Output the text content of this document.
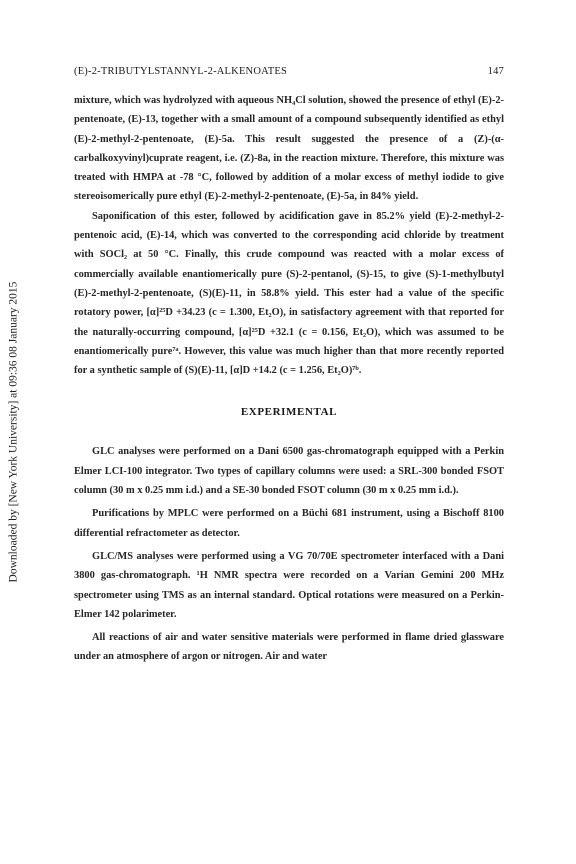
Downloaded by [New York University] at 09:36 08 January 2015
(E)-2-TRIBUTYLSTANNYL-2-ALKENOATES	147

mixture, which was hydrolyzed with aqueous NH₄Cl solution, showed the presence of ethyl (E)-2-pentenoate, (E)-13, together with a small amount of a compound subsequently identified as ethyl (E)-2-methyl-2-pentenoate, (E)-5a. This result suggested the presence of a (Z)-(α-carbalkoxyvinyl)cuprate reagent, i.e. (Z)-8a, in the reaction mixture. Therefore, this mixture was treated with HMPA at -78 °C, followed by addition of a molar excess of methyl iodide to give stereoisomerically pure ethyl (E)-2-methyl-2-pentenoate, (E)-5a, in 84% yield.

Saponification of this ester, followed by acidification gave in 85.2% yield (E)-2-methyl-2-pentenoic acid, (E)-14, which was converted to the corresponding acid chloride by treatment with SOCl₂ at 50 °C. Finally, this crude compound was reacted with a molar excess of commercially available enantiomerically pure (S)-2-pentanol, (S)-15, to give (S)-1-methylbutyl (E)-2-methyl-2-pentenoate, (S)(E)-11, in 58.8% yield. This ester had a value of the specific rotatory power, [α]²⁵D +34.23 (c = 1.300, Et₂O), in satisfactory agreement with that reported for the naturally-occurring compound, [α]²⁵D +32.1 (c = 0.156, Et₂O), which was assumed to be enantiomerically pure⁷ᵃ. However, this value was much higher than that more recently reported for a synthetic sample of (S)(E)-11, [α]D +14.2 (c = 1.256, Et₂O)⁷ᵇ.

EXPERIMENTAL

GLC analyses were performed on a Dani 6500 gas-chromatograph equipped with a Perkin Elmer LCI-100 integrator. Two types of capillary columns were used: a SRL-300 bonded FSOT column (30 m x 0.25 mm i.d.) and a SE-30 bonded FSOT column (30 m x 0.25 mm i.d.).

Purifications by MPLC were performed on a Büchi 681 instrument, using a Bischoff 8100 differential refractometer as detector.

GLC/MS analyses were performed using a VG 70/70E spectrometer interfaced with a Dani 3800 gas-chromatograph. ¹H NMR spectra were recorded on a Varian Gemini 200 MHz spectrometer using TMS as an internal standard. Optical rotations were measured on a Perkin-Elmer 142 polarimeter.

All reactions of air and water sensitive materials were performed in flame dried glassware under an atmosphere of argon or nitrogen. Air and water
